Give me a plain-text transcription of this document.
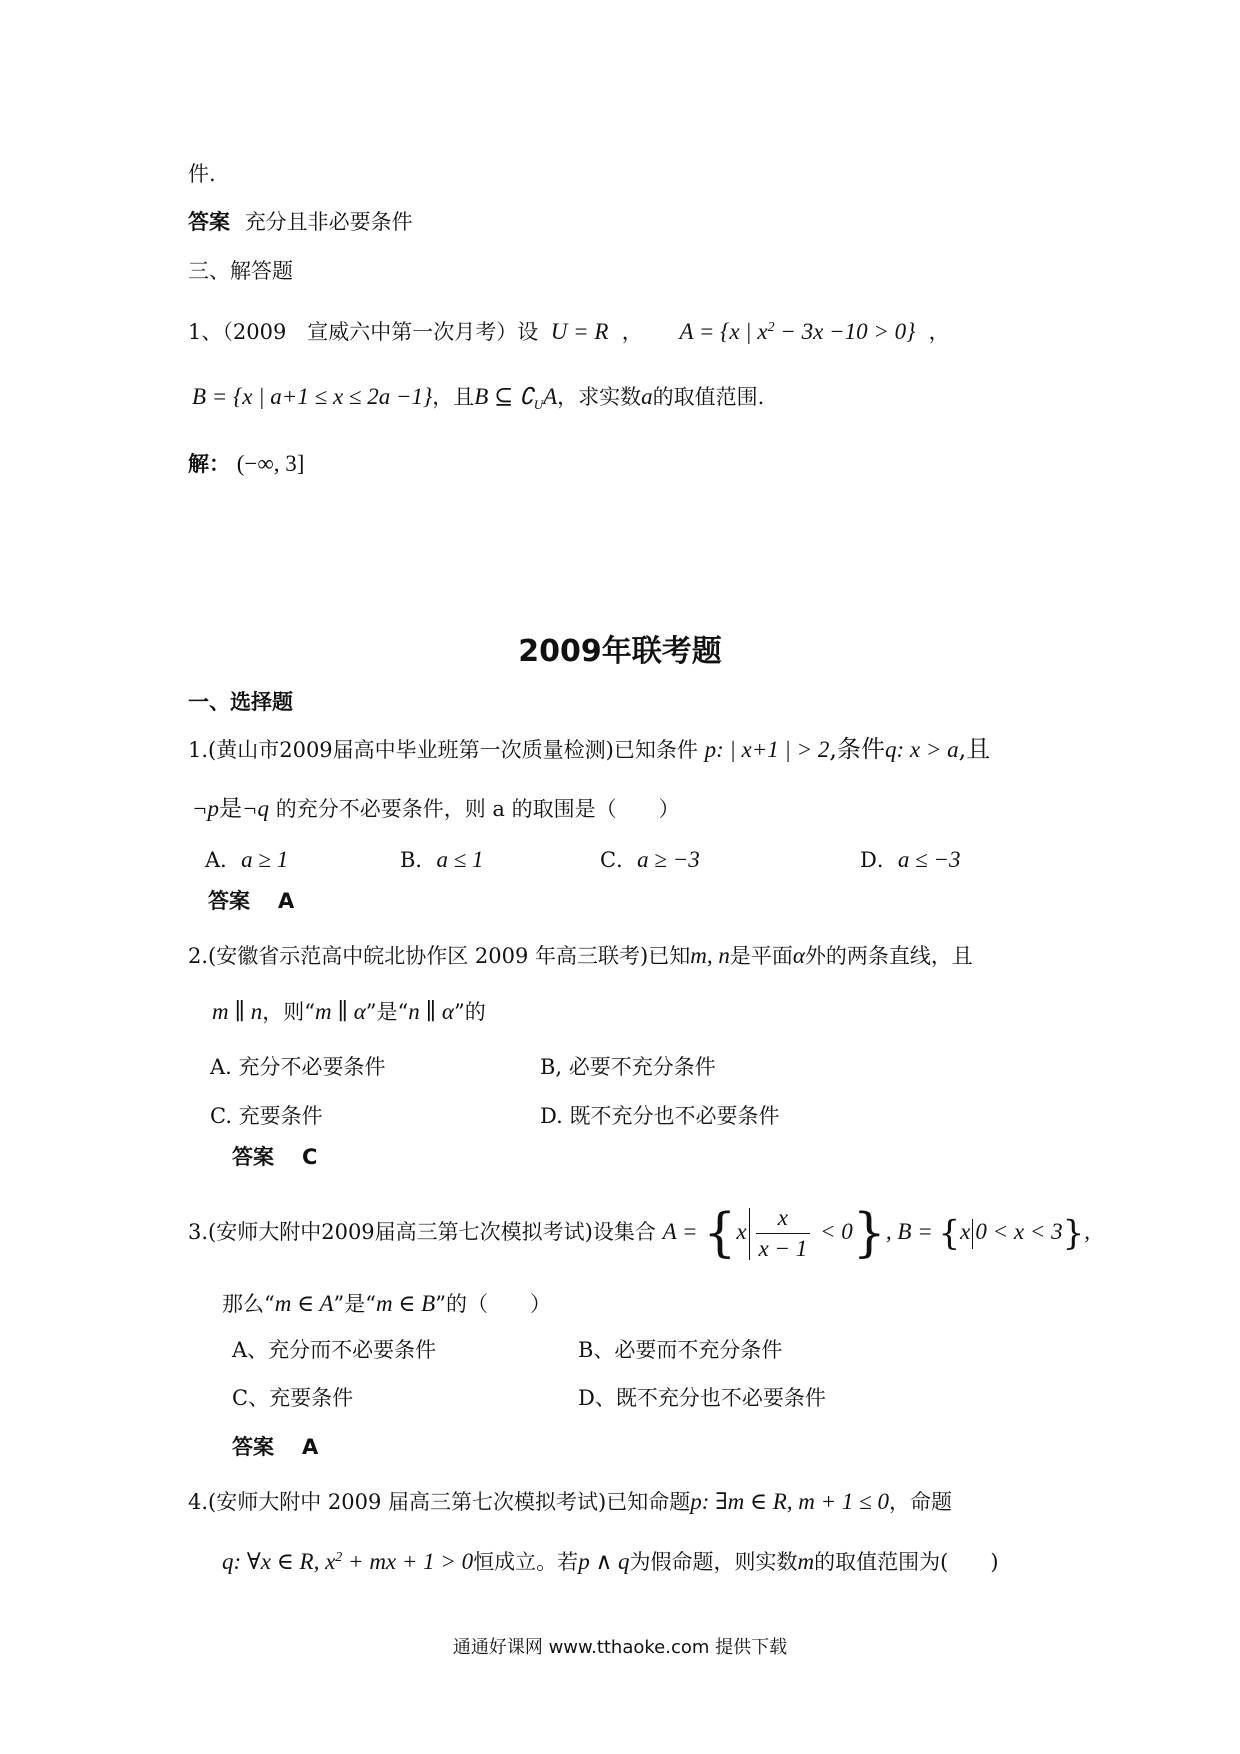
件.
答案 充分且非必要条件
三、解答题
1、（2009　宣威六中第一次月考）设  U = R  ， A = {x | $x^2 - 3x -10 > 0$}  ，
B = {x | a+1 ≤ x ≤ 2a −1}，且B ⊆ $∁_UA$，求实数a的取值范围.
解： (−∞, 3]
2009年联考题
一、选择题
1.(黄山市2009届高中毕业班第一次质量检测)已知条件 p: | x+1 | > 2,条件q: x > a,且
¬p是¬q 的充分不必要条件，则 a 的取围是（　　）
A．a ≥ 1	B．a ≤ 1	C．a ≥ −3	D．a ≤ −3
答案 A
2.(安徽省示范高中皖北协作区 2009 年高三联考)已知m, n是平面α外的两条直线，且
m ∥ n，则“m ∥ α”是“n ∥ α”的
A. 充分不必要条件	B, 必要不充分条件
C. 充要条件	D. 既不充分也不必要条件
答案 C
3.(安师大附中2009届高三第七次模拟考试)设集合 $A = \{x \frac{x}{x - 1} < 0\}$, B = {x 0 < x < 3},
那么“m ∈ A”是“m ∈ B”的（　　）
A、充分而不必要条件	B、必要而不充分条件
C、充要条件	D、既不充分也不必要条件
答案 A
4.(安师大附中 2009 届高三第七次模拟考试)已知命题p: ∃m ∈ R, m + 1 ≤ 0，命题
q: ∀x ∈ R, $x^2$ + mx + 1 > 0恒成立。若p ∧ q为假命题，则实数m的取值范围为(　　)
通通好课网 www.tthaoke.com 提供下载
